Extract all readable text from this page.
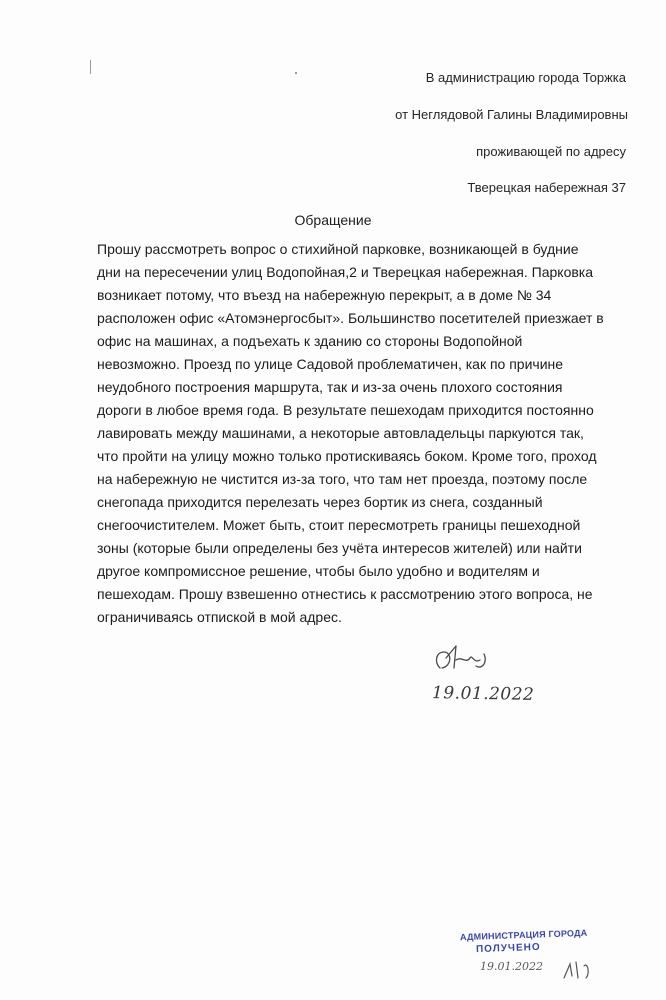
В администрацию города Торжка
от Неглядовой Галины Владимировны
проживающей по адресу
Тверецкая набережная 37
Обращение
Прошу рассмотреть вопрос о стихийной парковке, возникающей в будние
дни на пересечении улиц Водопойная,2 и Тверецкая набережная. Парковка
возникает потому, что въезд на набережную перекрыт, а в доме № 34
расположен офис «Атомэнергосбыт». Большинство посетителей приезжает в
офис на машинах, а подъехать к зданию со стороны Водопойной
невозможно. Проезд по улице Садовой проблематичен, как по причине
неудобного построения маршрута, так и из-за очень плохого состояния
дороги в любое время года. В результате пешеходам приходится постоянно
лавировать между машинами, а некоторые автовладельцы паркуются так,
что пройти на улицу можно только протискиваясь боком. Кроме того, проход
на набережную не чистится из-за того, что там нет проезда, поэтому после
снегопада приходится перелезать через бортик из снега, созданный
снегоочистителем. Может быть, стоит пересмотреть границы пешеходной
зоны (которые были определены без учёта интересов жителей) или найти
другое компромиссное решение, чтобы было удобно и водителям и
пешеходам. Прошу взвешенно отнестись к рассмотрению этого вопроса, не
ограничиваясь отпиской в мой адрес.
19.01.2022
АДМИНИСТРАЦИЯ ГОРОДА
ПОЛУЧЕНО
19.01.2022
